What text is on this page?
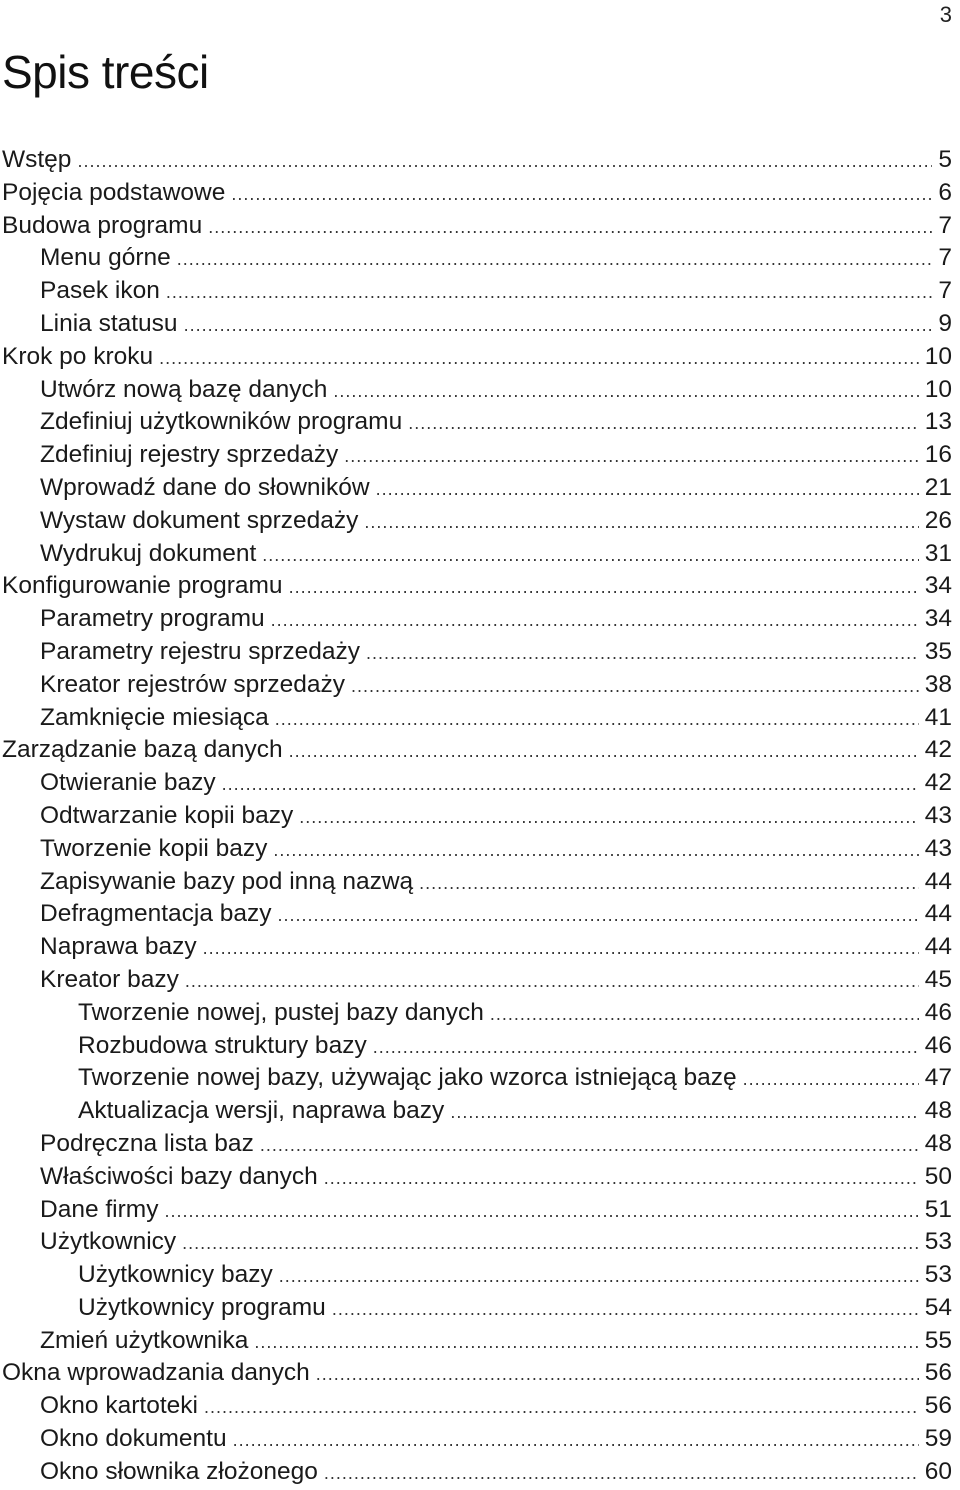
3
Spis treści
Wstęp .....	5
Pojęcia podstawowe .....	6
Budowa programu .....	7
Menu górne .....	7
Pasek ikon .....	7
Linia statusu .....	9
Krok po kroku .....	10
Utwórz nową bazę danych .....	10
Zdefiniuj użytkowników programu .....	13
Zdefiniuj rejestry sprzedaży .....	16
Wprowadź dane do słowników .....	21
Wystaw dokument sprzedaży .....	26
Wydrukuj dokument .....	31
Konfigurowanie programu .....	34
Parametry programu .....	34
Parametry rejestru sprzedaży .....	35
Kreator rejestrów sprzedaży .....	38
Zamknięcie miesiąca .....	41
Zarządzanie bazą danych .....	42
Otwieranie bazy .....	42
Odtwarzanie kopii bazy .....	43
Tworzenie kopii bazy .....	43
Zapisywanie bazy pod inną nazwą .....	44
Defragmentacja bazy .....	44
Naprawa bazy .....	44
Kreator bazy .....	45
Tworzenie nowej, pustej bazy danych .....	46
Rozbudowa struktury bazy .....	46
Tworzenie nowej bazy, używając jako wzorca istniejącą bazę .....	47
Aktualizacja wersji, naprawa bazy .....	48
Podręczna lista baz .....	48
Właściwości bazy danych .....	50
Dane firmy .....	51
Użytkownicy .....	53
Użytkownicy bazy .....	53
Użytkownicy programu .....	54
Zmień użytkownika .....	55
Okna wprowadzania danych .....	56
Okno kartoteki .....	56
Okno dokumentu .....	59
Okno słownika złożonego .....	60
